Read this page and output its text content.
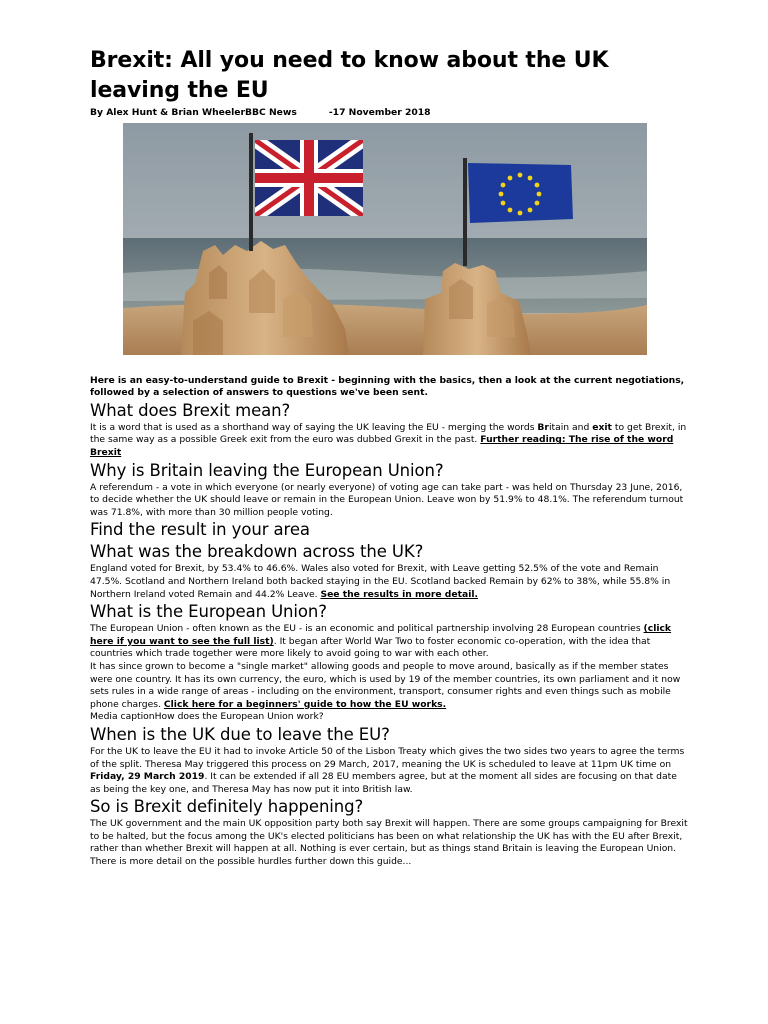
Brexit: All you need to know about the UK leaving the EU
By Alex Hunt & Brian WheelerBBC News          -17 November 2018

Here is an easy-to-understand guide to Brexit - beginning with the basics, then a look at the current negotiations, followed by a selection of answers to questions we've been sent.

What does Brexit mean?

It is a word that is used as a shorthand way of saying the UK leaving the EU - merging the words Britain and exit to get Brexit, in the same way as a possible Greek exit from the euro was dubbed Grexit in the past. Further reading: The rise of the word Brexit

Why is Britain leaving the European Union?

A referendum - a vote in which everyone (or nearly everyone) of voting age can take part - was held on Thursday 23 June, 2016, to decide whether the UK should leave or remain in the European Union. Leave won by 51.9% to 48.1%. The referendum turnout was 71.8%, with more than 30 million people voting.

Find the result in your area
What was the breakdown across the UK?

England voted for Brexit, by 53.4% to 46.6%. Wales also voted for Brexit, with Leave getting 52.5% of the vote and Remain 47.5%. Scotland and Northern Ireland both backed staying in the EU. Scotland backed Remain by 62% to 38%, while 55.8% in Northern Ireland voted Remain and 44.2% Leave. See the results in more detail.

What is the European Union?

The European Union - often known as the EU - is an economic and political partnership involving 28 European countries (click here if you want to see the full list). It began after World War Two to foster economic co-operation, with the idea that countries which trade together were more likely to avoid going to war with each other.

It has since grown to become a "single market" allowing goods and people to move around, basically as if the member states were one country. It has its own currency, the euro, which is used by 19 of the member countries, its own parliament and it now sets rules in a wide range of areas - including on the environment, transport, consumer rights and even things such as mobile phone charges. Click here for a beginners' guide to how the EU works.

Media captionHow does the European Union work?

When is the UK due to leave the EU?

For the UK to leave the EU it had to invoke Article 50 of the Lisbon Treaty which gives the two sides two years to agree the terms of the split. Theresa May triggered this process on 29 March, 2017, meaning the UK is scheduled to leave at 11pm UK time on Friday, 29 March 2019. It can be extended if all 28 EU members agree, but at the moment all sides are focusing on that date as being the key one, and Theresa May has now put it into British law.

So is Brexit definitely happening?

The UK government and the main UK opposition party both say Brexit will happen. There are some groups campaigning for Brexit to be halted, but the focus among the UK's elected politicians has been on what relationship the UK has with the EU after Brexit, rather than whether Brexit will happen at all. Nothing is ever certain, but as things stand Britain is leaving the European Union. There is more detail on the possible hurdles further down this guide...
